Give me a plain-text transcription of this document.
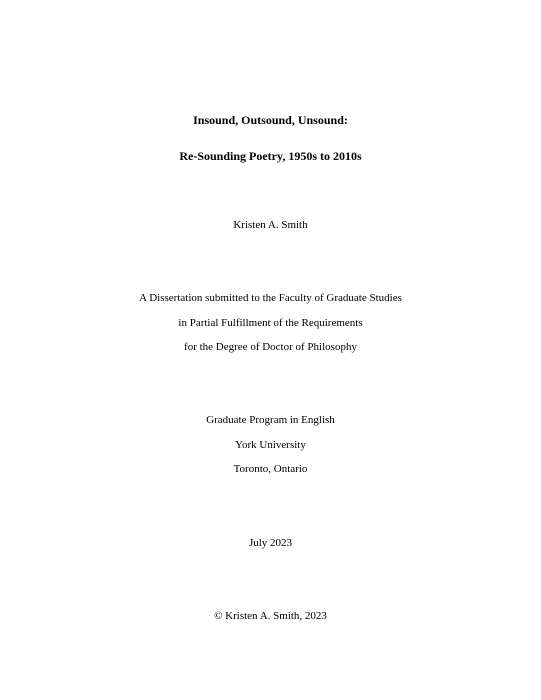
Insound, Outsound, Unsound:
Re-Sounding Poetry, 1950s to 2010s
Kristen A. Smith
A Dissertation submitted to the Faculty of Graduate Studies
in Partial Fulfillment of the Requirements
for the Degree of Doctor of Philosophy
Graduate Program in English
York University
Toronto, Ontario
July 2023
© Kristen A. Smith, 2023
